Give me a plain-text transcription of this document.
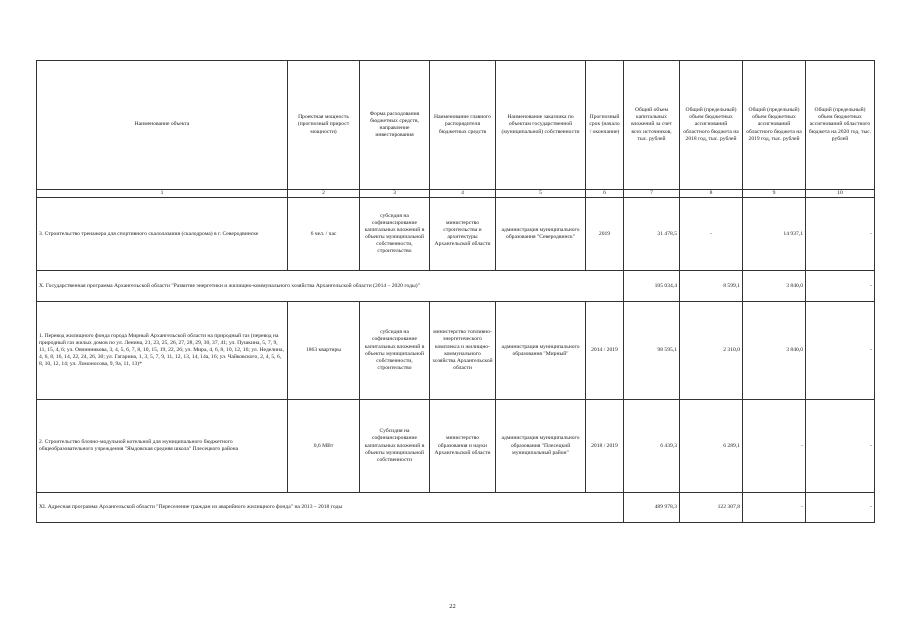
Наименование объекта	Проектная мощность (прогнозный прирост мощности)	Форма расходования бюджетных средств, направление инвестирования	Наименование главного распорядителя бюджетных средств	Наименование заказчика по объектам государственной (муниципальной) собственности	Прогнозный срок (начало / окончание)	Общий объем капитальных вложений за счет всех источников, тыс. рублей	Общий (предельный) объем бюджетных ассигнований областного бюджета на 2018 год, тыс. рублей	Общий (предельный) объем бюджетных ассигнований областного бюджета на 2019 год, тыс. рублей	Общий (предельный) объем бюджетных ассигнований областного бюджета на 2020 год, тыс. рублей
1	2	3	4	5	6	7	8	9	10
3. Строительство тренажера для спортивного скалолазания (скалодрома) в г. Северодвинске	6 чел. / час	субсидия на софинансирование капитальных вложений в объекты муниципальной собственности, строительство	министерство строительства и архитектуры Архангельской области	администрация муниципального образования "Северодвинск"	2019	31 478,5	-	14 937,1	-
X. Государственная программа Архангельской области "Развитие энергетики и жилищно-коммунального хозяйства Архангельской области (2014 – 2020 годы)"						105 034,4	8 599,1	3 840,0	-
1. Перевод жилищного фонда города Мирный Архангельской области на природный газ (перевод на природный газ жилых домов по ул. Ленина, 21, 23, 25, 26, 27, 28, 29, 30, 37, 41; ул. Пушкина, 5, 7, 9, 11, 15, 4, 6; ул. Овчинникова, 3, 4, 5, 6, 7, 8, 10, 15, 19, 22, 26; ул. Мира, 4, 6, 8, 10, 12, 16; ул. Неделина, 4, 6, 8, 16, 14, 22, 24, 26, 30; ул. Гагарина, 1, 3, 5, 7, 9, 11, 12, 13, 14, 14а, 16; ул. Чайковского, 2, 4, 5, 6, 8, 10, 12, 14; ул. Ломоносова, 9, 9а, 11, 13)*	1863 квартиры	субсидия на софинансирование капитальных вложений в объекты муниципальной собственности, строительство	министерство топливно-энергетического комплекса и жилищно-коммунального хозяйства Архангельской области	администрация муниципального образования "Мирный"	2014 / 2019	98 595,1	2 310,0	3 840,0	-
2. Строительство блочно-модульной котельной для муниципального бюджетного общеобразовательного учреждения "Ямдовская средняя школа" Плесецкого района	0,6 МВт	Субсидия на софинансирование капитальных вложений в объекты муниципальной собственности	министерство образования и науки Архангельской области	администрация муниципального образования "Плесецкий муниципальный район"	2018 / 2019	6 439,3	6 289,1	-	-
XI. Адресная программа Архангельской области "Переселение граждан из аварийного жилищного фонда" на 2013 – 2018 годы						489 978,3	122 307,8	-	-
22
